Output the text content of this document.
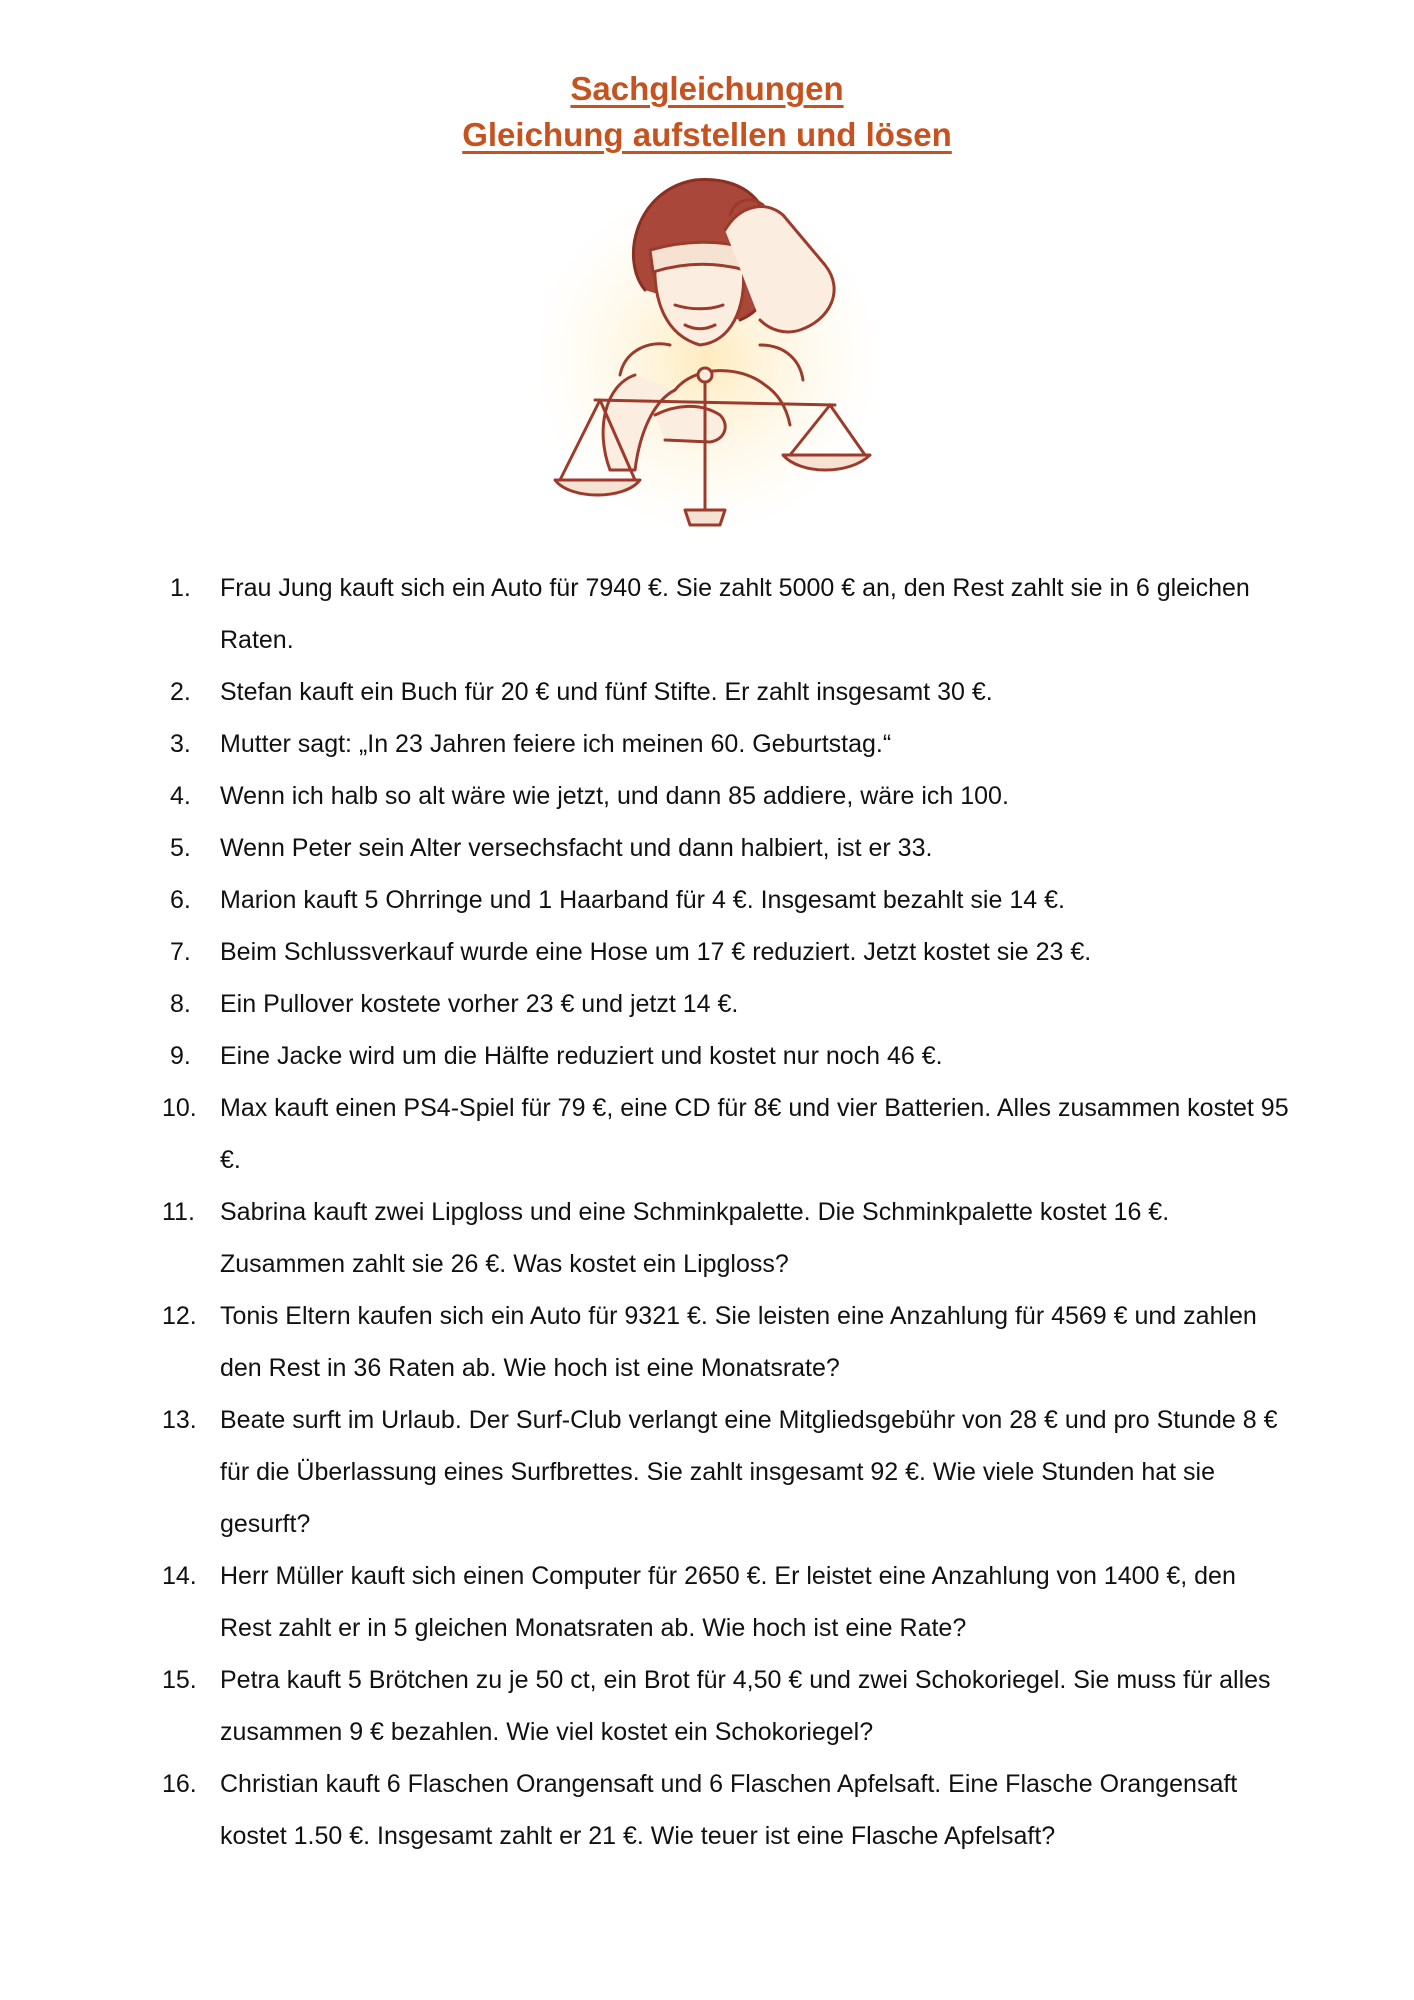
Sachgleichungen
Gleichung aufstellen und lösen
1.	Frau Jung kauft sich ein Auto für 7940 €. Sie zahlt 5000 € an, den Rest zahlt sie in 6 gleichen Raten.
2.	Stefan kauft ein Buch für 20 € und fünf Stifte. Er zahlt insgesamt 30 €.
3.	Mutter sagt: „In 23 Jahren feiere ich meinen 60. Geburtstag.“
4.	Wenn ich halb so alt wäre wie jetzt, und dann 85 addiere, wäre ich 100.
5.	Wenn Peter sein Alter versechsfacht und dann halbiert, ist er 33.
6.	Marion kauft 5 Ohrringe und 1 Haarband für 4 €. Insgesamt bezahlt sie 14 €.
7.	Beim Schlussverkauf wurde eine Hose um 17 € reduziert. Jetzt kostet sie 23 €.
8.	Ein Pullover kostete vorher 23 € und jetzt 14 €.
9.	Eine Jacke wird um die Hälfte reduziert und kostet nur noch 46 €.
10. Max kauft einen PS4-Spiel für 79 €, eine CD für 8€ und vier Batterien. Alles zusammen kostet 95 €.
11. Sabrina kauft zwei Lipgloss und eine Schminkpalette. Die Schminkpalette kostet 16 €. Zusammen zahlt sie 26 €. Was kostet ein Lipgloss?
12. Tonis Eltern kaufen sich ein Auto für 9321 €. Sie leisten eine Anzahlung für 4569 € und zahlen den Rest in 36 Raten ab. Wie hoch ist eine Monatsrate?
13. Beate surft im Urlaub. Der Surf-Club verlangt eine Mitgliedsgebühr von 28 € und pro Stunde 8 € für die Überlassung eines Surfbrettes. Sie zahlt insgesamt 92 €. Wie viele Stunden hat sie gesurft?
14. Herr Müller kauft sich einen Computer für 2650 €. Er leistet eine Anzahlung von 1400 €, den Rest zahlt er in 5 gleichen Monatsraten ab. Wie hoch ist eine Rate?
15. Petra kauft 5 Brötchen zu je 50 ct, ein Brot für 4,50 € und zwei Schokoriegel. Sie muss für alles zusammen 9 € bezahlen. Wie viel kostet ein Schokoriegel?
16. Christian kauft 6 Flaschen Orangensaft und 6 Flaschen Apfelsaft. Eine Flasche Orangensaft kostet 1.50 €. Insgesamt zahlt er 21 €. Wie teuer ist eine Flasche Apfelsaft?
